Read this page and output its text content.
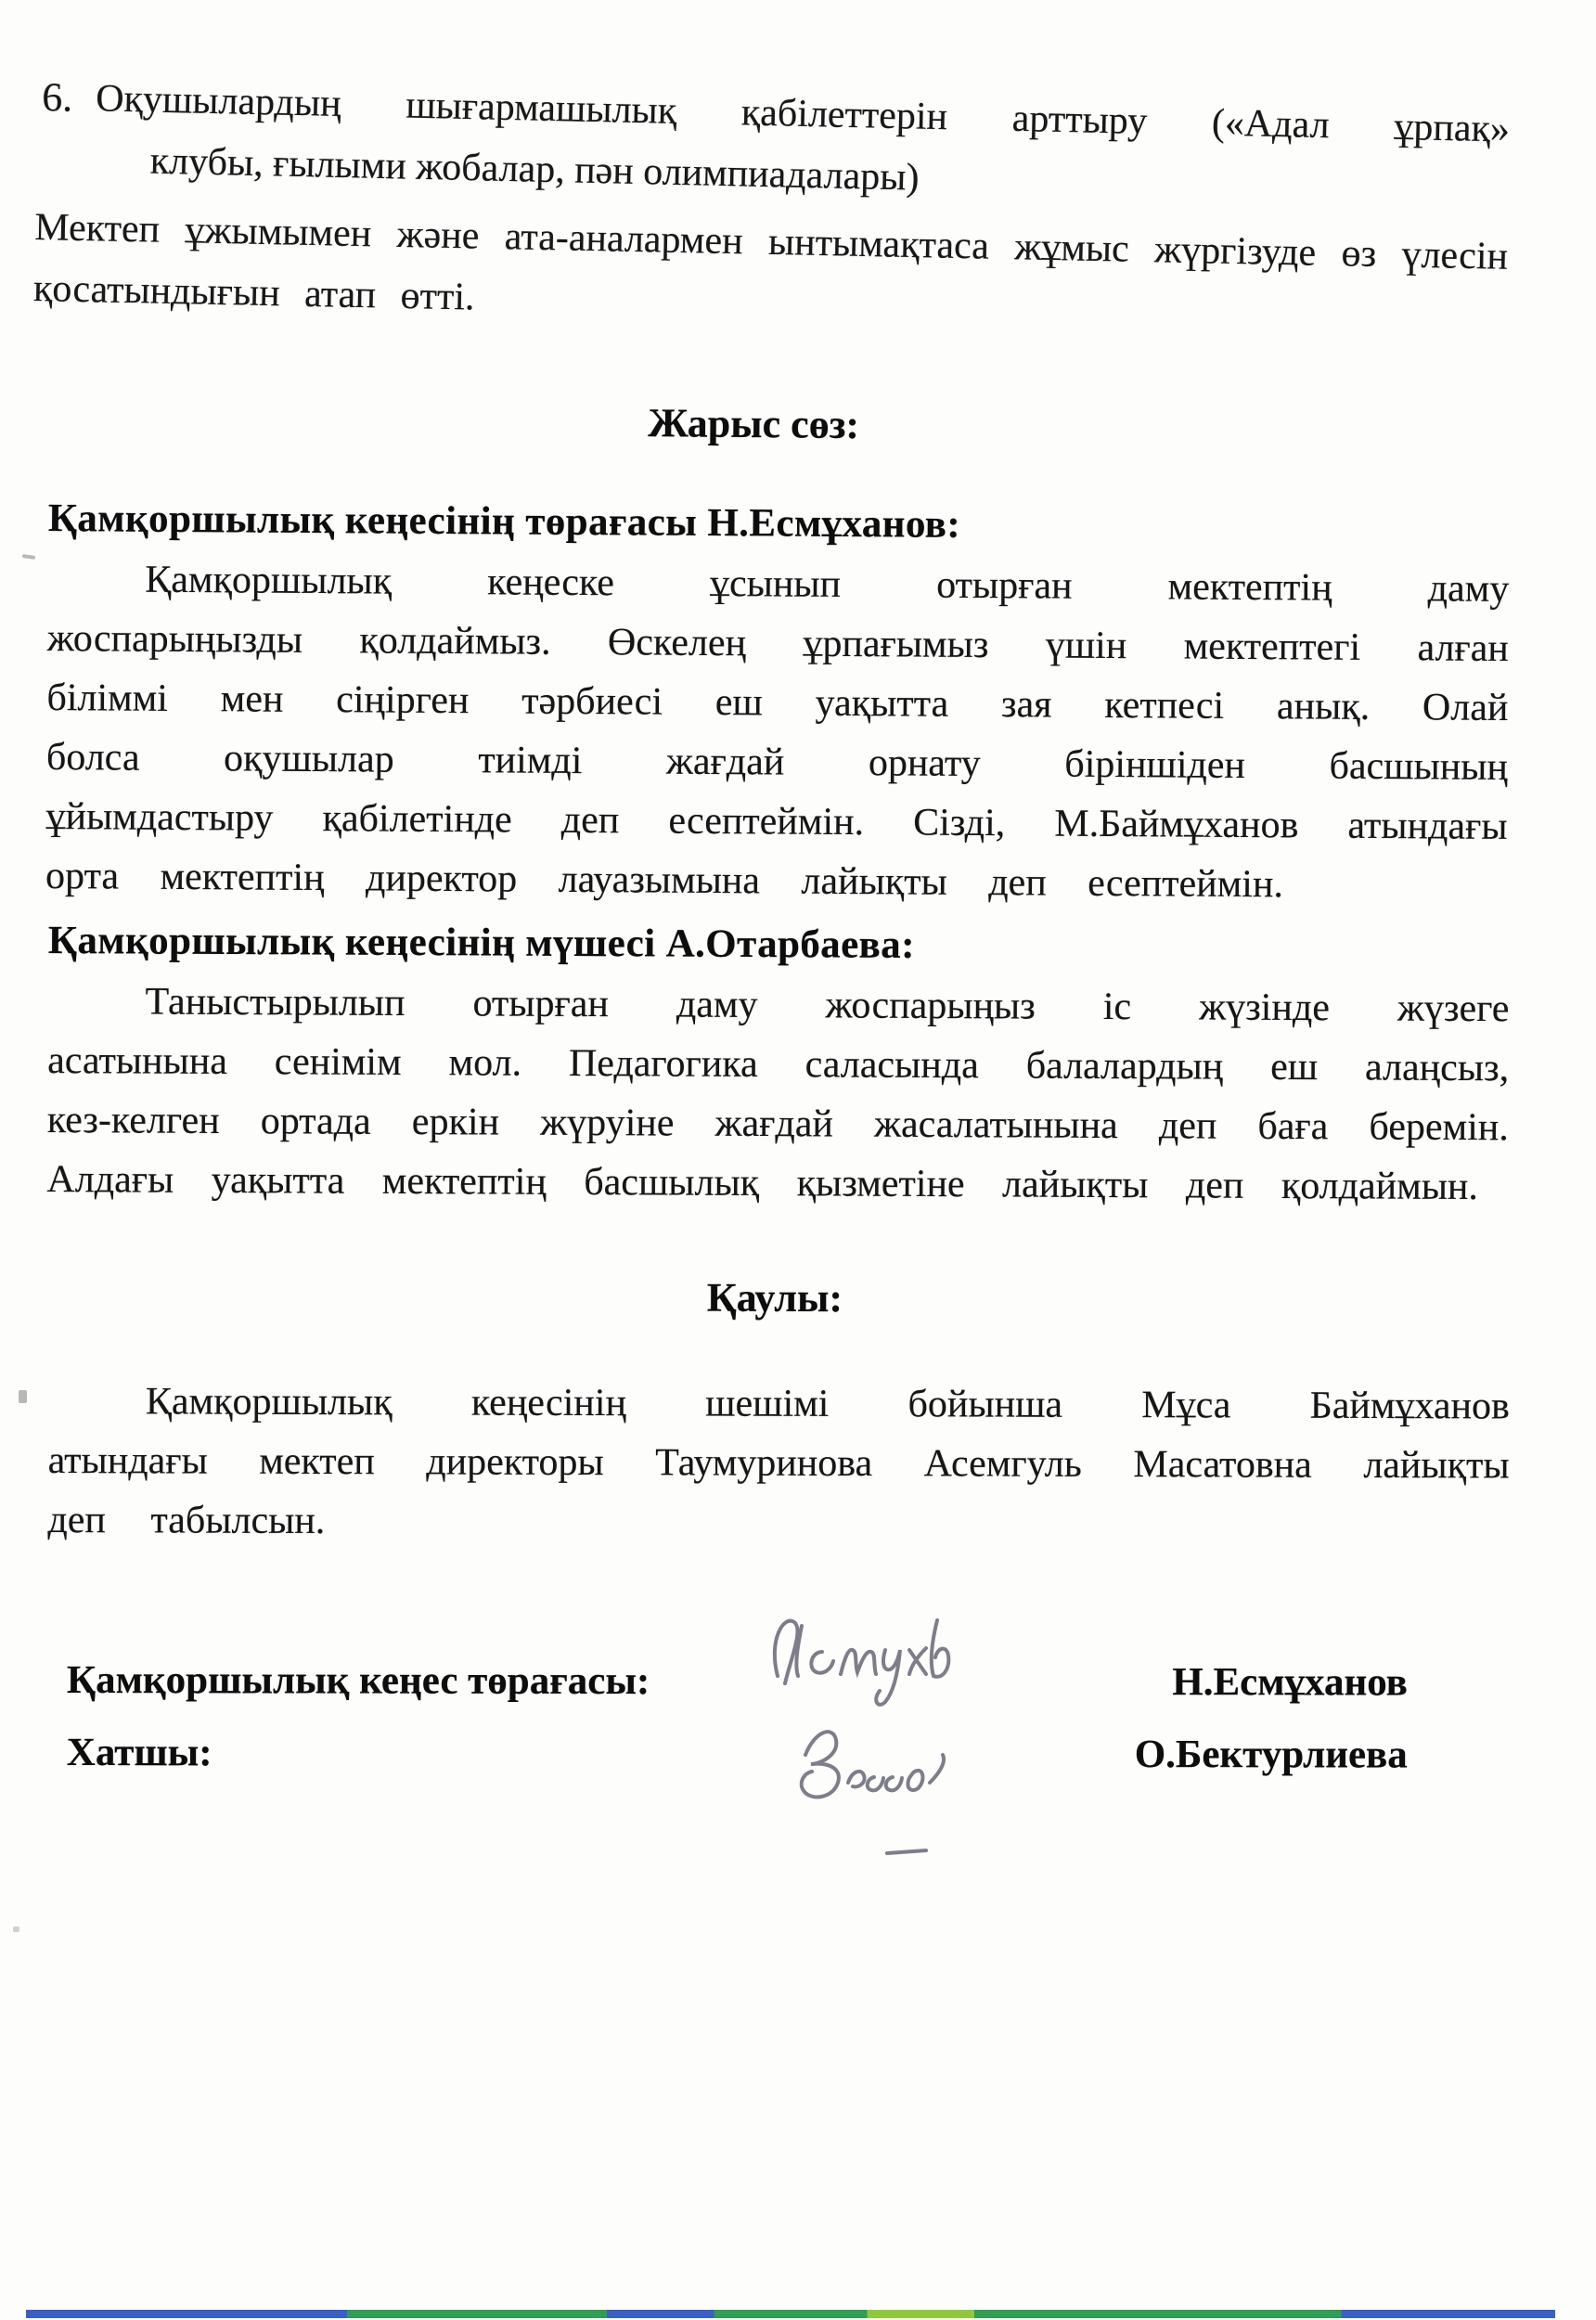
6. Оқушылардың шығармашылық қабілеттерін арттыру («Адал ұрпақ»
клубы, ғылыми жобалар, пән олимпиадалары)
Мектеп ұжымымен және ата-аналармен ынтымақтаса жұмыс жүргізуде өз үлесін қосатындығын атап өтті.
Жарыс сөз:
Қамқоршылық кеңесінің төрағасы Н.Есмұханов:

Қамқоршылық кеңеске ұсынып отырған мектептің даму жоспарыңызды қолдаймыз. Өскелең ұрпағымыз үшін мектептегі алған біліммі мен сіңірген тәрбиесі еш уақытта зая кетпесі анық. Олай болса оқушылар тиімді жағдай орнату біріншіден басшының ұйымдастыру қабілетінде деп есептеймін. Сізді, М.Баймұханов атындағы орта мектептің директор лауазымына лайықты деп есептеймін.

Қамқоршылық кеңесінің мүшесі А.Отарбаева:

Таныстырылып отырған даму жоспарыңыз іс жүзінде жүзеге асатынына сенімім мол. Педагогика саласында балалардың еш алаңсыз, кез-келген ортада еркін жүруіне жағдай жасалатынына деп баға беремін. Алдағы уақытта мектептің басшылық қызметіне лайықты деп қолдаймын.

Қаулы:

Қамқоршылық кеңесінің шешімі бойынша Мұса Баймұханов атындағы мектеп директоры Таумуринова Асемгуль Масатовна лайықты деп табылсын.

Қамқоршылық кеңес төрағасы:	Н.Есмұханов
Хатшы:	О.Бектурлиева
